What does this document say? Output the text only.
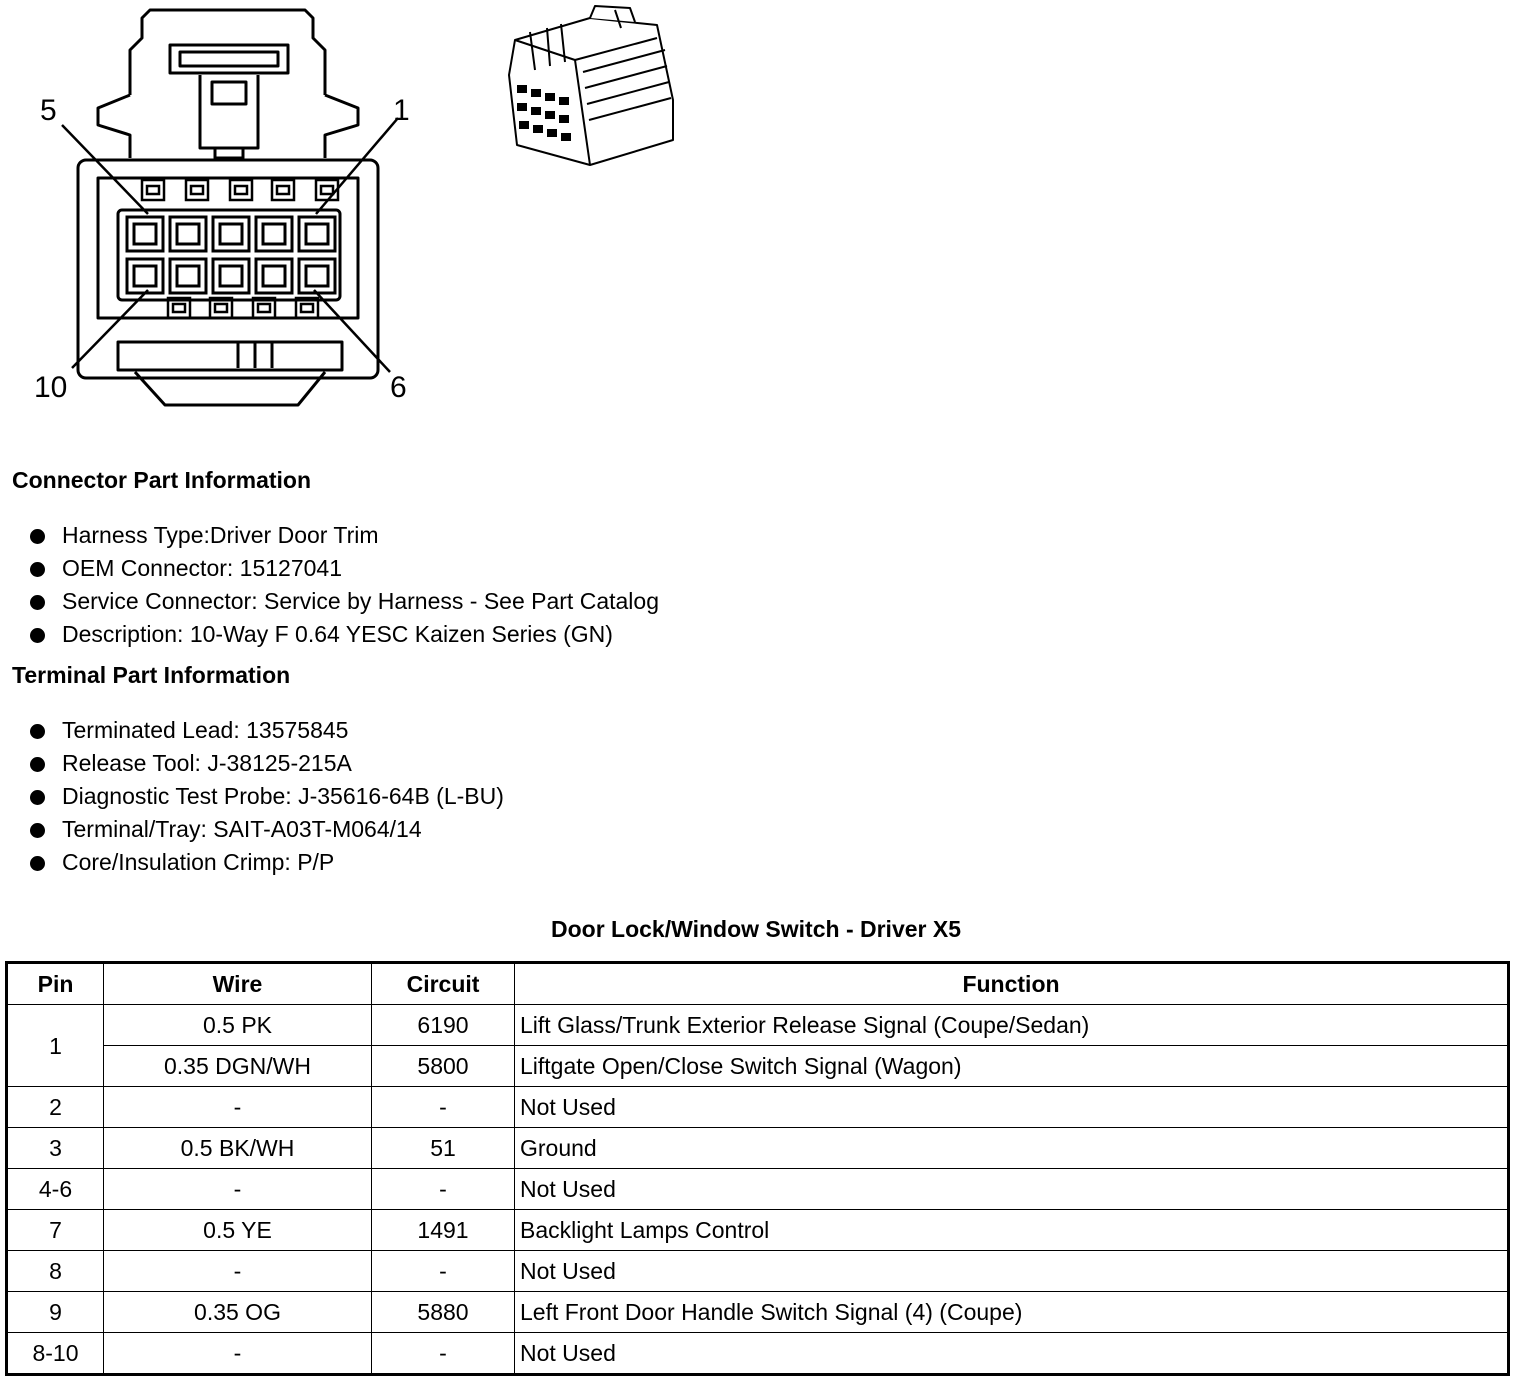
5	1
10	6
Connector Part Information
Harness Type:Driver Door Trim
OEM Connector: 15127041
Service Connector: Service by Harness - See Part Catalog
Description: 10-Way F 0.64 YESC Kaizen Series (GN)
Terminal Part Information
Terminated Lead: 13575845
Release Tool: J-38125-215A
Diagnostic Test Probe: J-35616-64B (L-BU)
Terminal/Tray: SAIT-A03T-M064/14
Core/Insulation Crimp: P/P
Door Lock/Window Switch - Driver X5
Pin	Wire	Circuit	Function
1	0.5 PK	6190	Lift Glass/Trunk Exterior Release Signal (Coupe/Sedan)
	0.35 DGN/WH	5800	Liftgate Open/Close Switch Signal (Wagon)
2	-	-	Not Used
3	0.5 BK/WH	51	Ground
4-6	-	-	Not Used
7	0.5 YE	1491	Backlight Lamps Control
8	-	-	Not Used
9	0.35 OG	5880	Left Front Door Handle Switch Signal (4) (Coupe)
8-10	-	-	Not Used
